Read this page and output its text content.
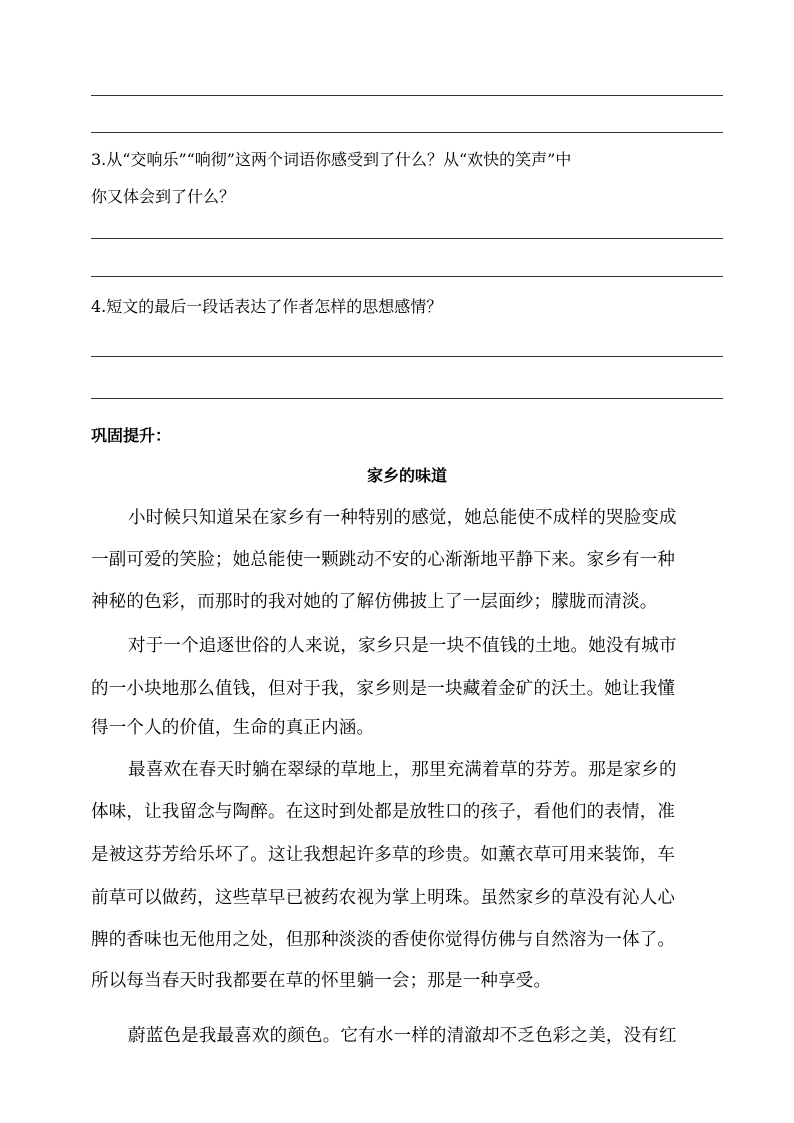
3.从“交响乐”“响彻”这两个词语你感受到了什么？从“欢快的笑声”中
你又体会到了什么？
4.短文的最后一段话表达了作者怎样的思想感情？
巩固提升：
家乡的味道
小时候只知道呆在家乡有一种特别的感觉，她总能使不成样的哭脸变成
一副可爱的笑脸；她总能使一颗跳动不安的心渐渐地平静下来。家乡有一种
神秘的色彩，而那时的我对她的了解仿佛披上了一层面纱；朦胧而清淡。
对于一个追逐世俗的人来说，家乡只是一块不值钱的土地。她没有城市
的一小块地那么值钱，但对于我，家乡则是一块藏着金矿的沃土。她让我懂
得一个人的价值，生命的真正内涵。
最喜欢在春天时躺在翠绿的草地上，那里充满着草的芬芳。那是家乡的
体味，让我留念与陶醉。在这时到处都是放牲口的孩子，看他们的表情，准
是被这芬芳给乐坏了。这让我想起许多草的珍贵。如薰衣草可用来装饰，车
前草可以做药，这些草早已被药农视为掌上明珠。虽然家乡的草没有沁人心
脾的香味也无他用之处，但那种淡淡的香使你觉得仿佛与自然溶为一体了。
所以每当春天时我都要在草的怀里躺一会；那是一种享受。
蔚蓝色是我最喜欢的颜色。它有水一样的清澈却不乏色彩之美，没有红
